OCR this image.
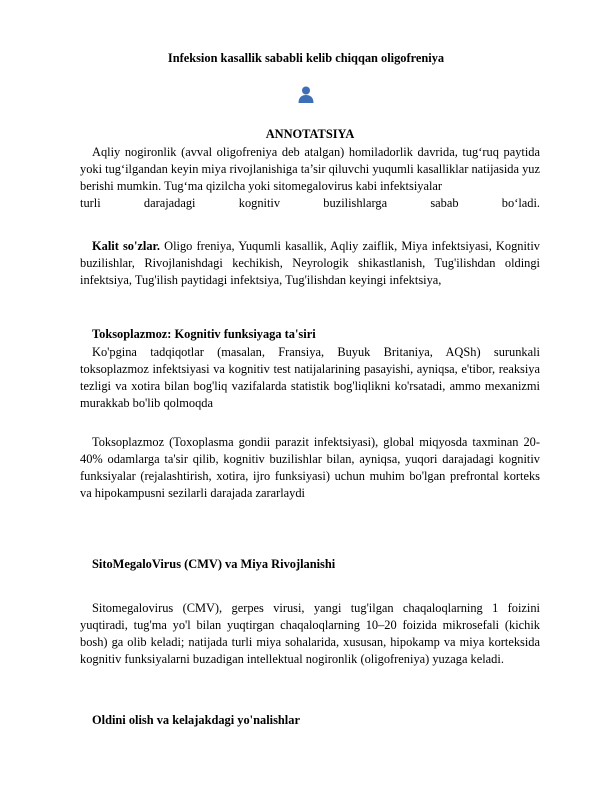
Infeksion kasallik sababli kelib chiqqan oligofreniya
ANNOTATSIYA
Aqliy nogironlik (avval oligofreniya deb atalgan) homiladorlik davrida, tug‘ruq paytida yoki tug‘ilgandan keyin miya rivojlanishiga ta’sir qiluvchi yuqumli kasalliklar natijasida yuz berishi mumkin. Tug‘ma qizilcha yoki sitomegalovirus kabi infektsiyalar
turli darajadagi kognitiv buzilishlarga sabab bo‘ladi.
Kalit so'zlar. Oligo freniya, Yuqumli kasallik, Aqliy zaiflik, Miya infektsiyasi, Kognitiv buzilishlar, Rivojlanishdagi kechikish, Neyrologik shikastlanish, Tug'ilishdan oldingi infektsiya, Tug'ilish paytidagi infektsiya, Tug'ilishdan keyingi infektsiya,
Toksoplazmoz: Kognitiv funksiyaga ta'siri
Ko'pgina tadqiqotlar (masalan, Fransiya, Buyuk Britaniya, AQSh) surunkali toksoplazmoz infektsiyasi va kognitiv test natijalarining pasayishi, ayniqsa, e'tibor, reaksiya tezligi va xotira bilan bog'liq vazifalarda statistik bog'liqlikni ko'rsatadi, ammo mexanizmi murakkab bo'lib qolmoqda
Toksoplazmoz (Toxoplasma gondii parazit infektsiyasi), global miqyosda taxminan 20-40% odamlarga ta'sir qilib, kognitiv buzilishlar bilan, ayniqsa, yuqori darajadagi kognitiv funksiyalar (rejalashtirish, xotira, ijro funksiyasi) uchun muhim bo'lgan prefrontal korteks va hipokampusni sezilarli darajada zararlaydi
SitoMegaloVirus (CMV) va Miya Rivojlanishi
Sitomegalovirus (CMV), gerpes virusi, yangi tug'ilgan chaqaloqlarning 1 foizini yuqtiradi, tug'ma yo'l bilan yuqtirgan chaqaloqlarning 10–20 foizida mikrosefali (kichik bosh) ga olib keladi; natijada turli miya sohalarida, xususan, hipokamp va miya korteksida kognitiv funksiyalarni buzadigan intellektual nogironlik (oligofreniya) yuzaga keladi.
Oldini olish va kelajakdagi yo'nalishlar
